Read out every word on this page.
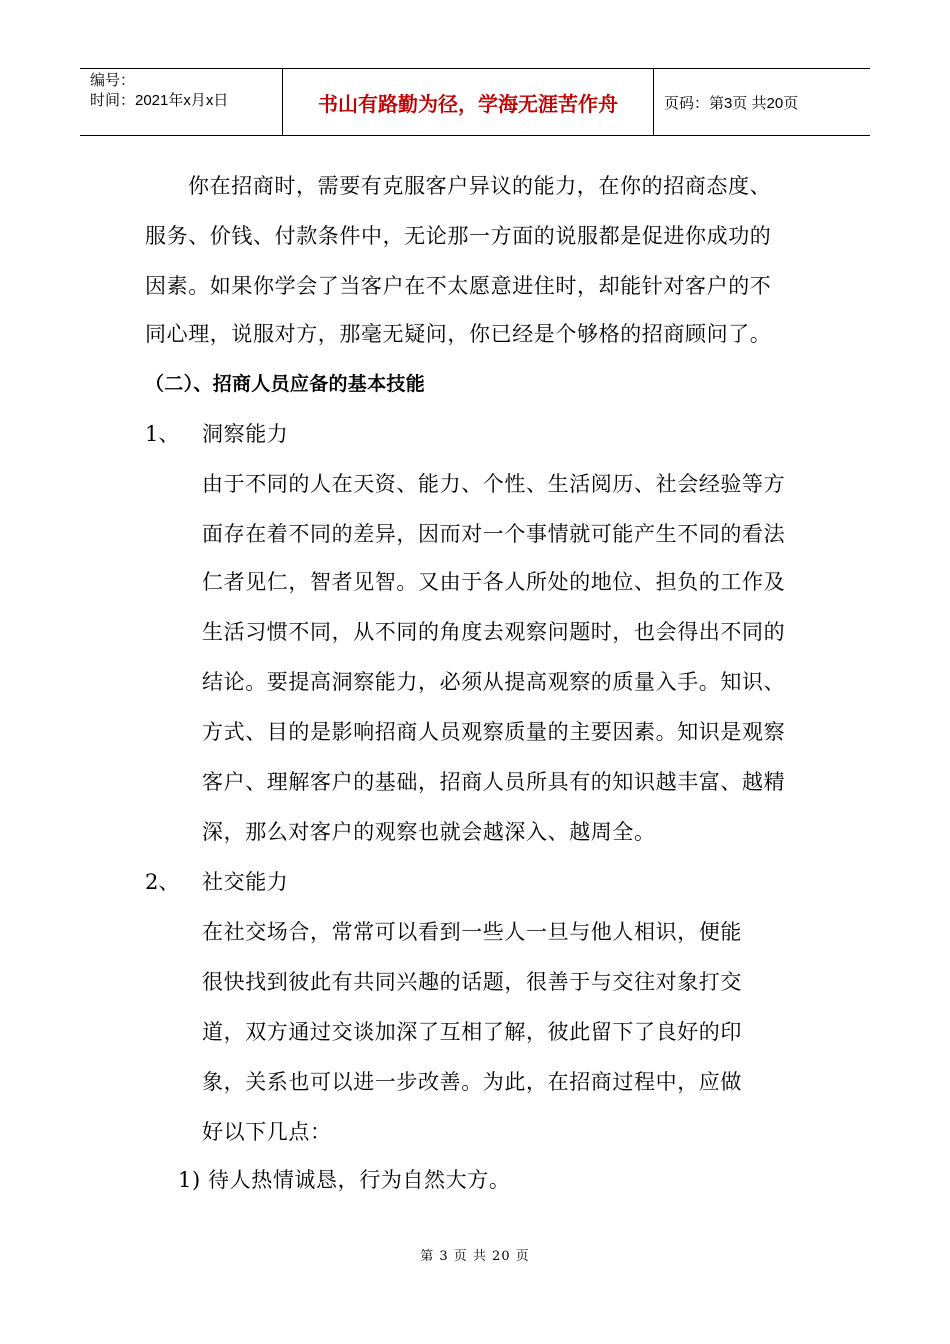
编号：
时间：2021年x月x日	书山有路勤为径，学海无涯苦作舟	页码：第3页 共20页
你在招商时，需要有克服客户异议的能力，在你的招商态度、
服务、价钱、付款条件中，无论那一方面的说服都是促进你成功的
因素。如果你学会了当客户在不太愿意进住时，却能针对客户的不
同心理，说服对方，那毫无疑问，你已经是个够格的招商顾问了。
（二）、招商人员应备的基本技能
1、 洞察能力
由于不同的人在天资、能力、个性、生活阅历、社会经验等方
面存在着不同的差异，因而对一个事情就可能产生不同的看法
仁者见仁，智者见智。又由于各人所处的地位、担负的工作及
生活习惯不同，从不同的角度去观察问题时，也会得出不同的
结论。要提高洞察能力，必须从提高观察的质量入手。知识、
方式、目的是影响招商人员观察质量的主要因素。知识是观察
客户、理解客户的基础，招商人员所具有的知识越丰富、越精
深，那么对客户的观察也就会越深入、越周全。
2、 社交能力
在社交场合，常常可以看到一些人一旦与他人相识，便能
很快找到彼此有共同兴趣的话题，很善于与交往对象打交
道，双方通过交谈加深了互相了解，彼此留下了良好的印
象，关系也可以进一步改善。为此，在招商过程中，应做
好以下几点：
1) 待人热情诚恳，行为自然大方。
第 3 页 共 20 页
